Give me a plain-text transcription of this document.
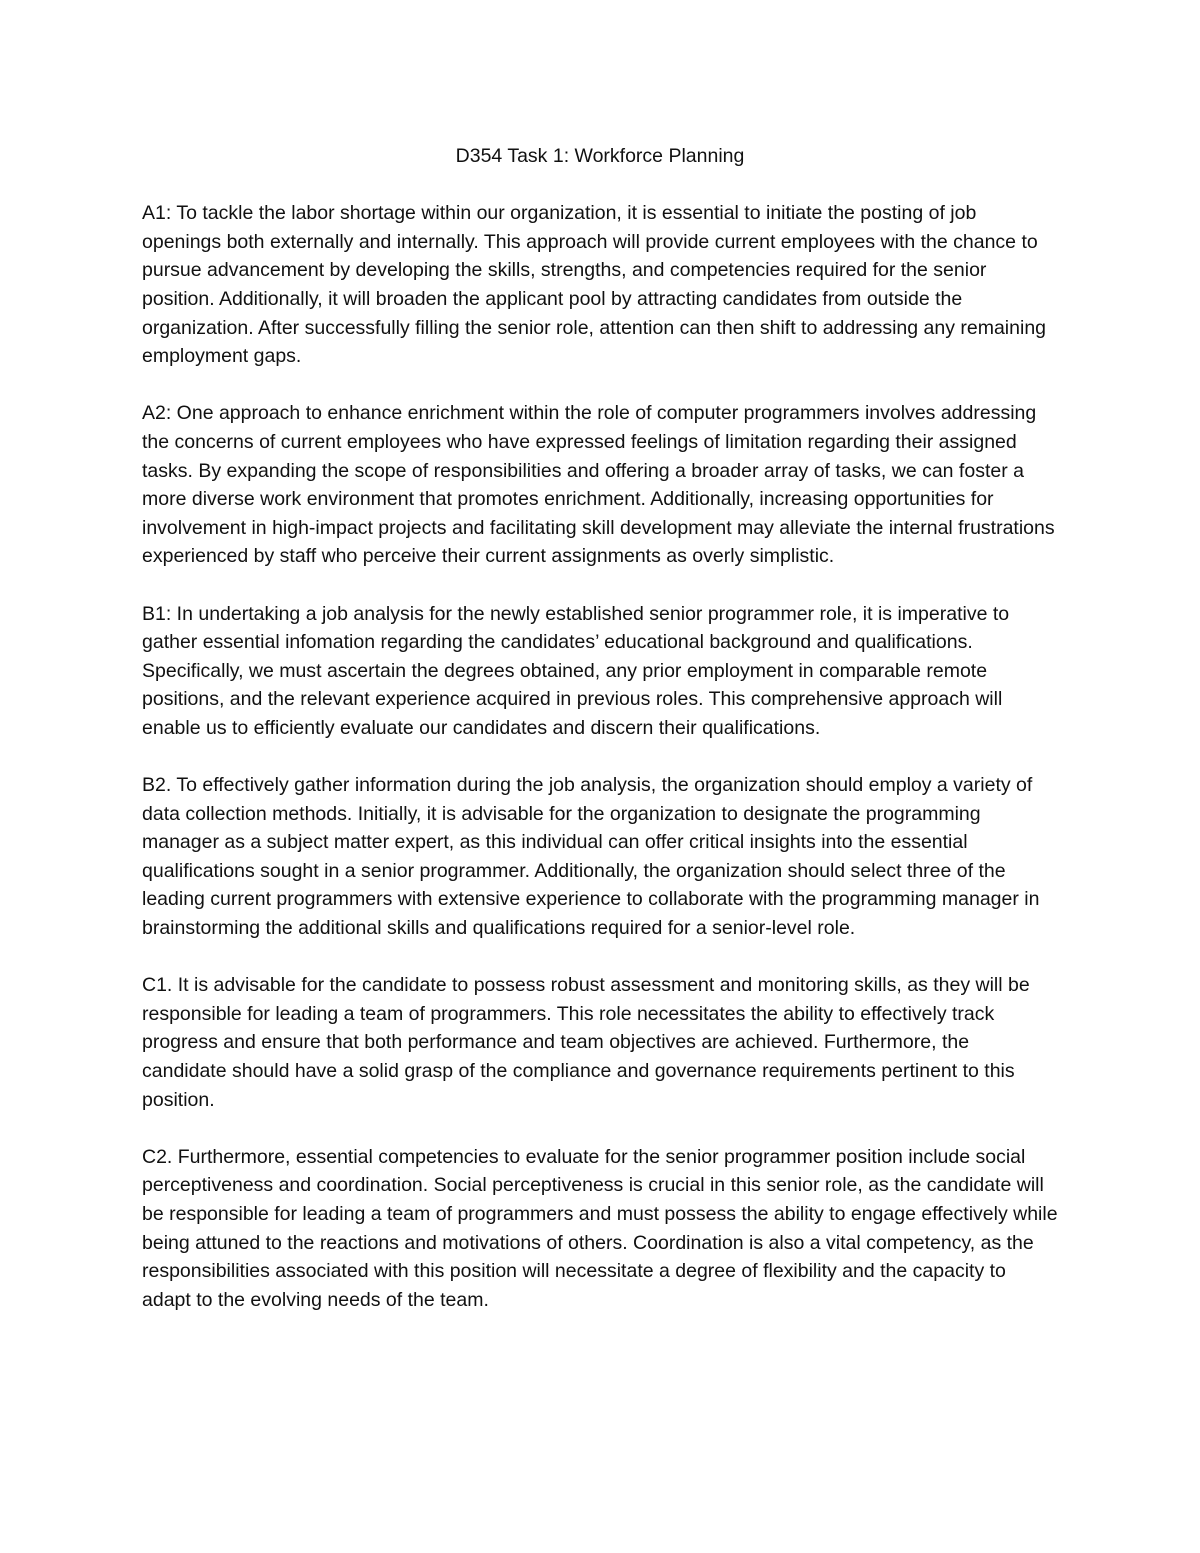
D354 Task 1: Workforce Planning

A1: To tackle the labor shortage within our organization, it is essential to initiate the posting of job openings both externally and internally. This approach will provide current employees with the chance to pursue advancement by developing the skills, strengths, and competencies required for the senior position. Additionally, it will broaden the applicant pool by attracting candidates from outside the organization. After successfully filling the senior role, attention can then shift to addressing any remaining employment gaps.

A2: One approach to enhance enrichment within the role of computer programmers involves addressing the concerns of current employees who have expressed feelings of limitation regarding their assigned tasks. By expanding the scope of responsibilities and offering a broader array of tasks, we can foster a more diverse work environment that promotes enrichment. Additionally, increasing opportunities for involvement in high-impact projects and facilitating skill development may alleviate the internal frustrations experienced by staff who perceive their current assignments as overly simplistic.

B1: In undertaking a job analysis for the newly established senior programmer role, it is imperative to gather essential infomation regarding the candidates’ educational background and qualifications. Specifically, we must ascertain the degrees obtained, any prior employment in comparable remote positions, and the relevant experience acquired in previous roles. This comprehensive approach will enable us to efficiently evaluate our candidates and discern their qualifications.

B2. To effectively gather information during the job analysis, the organization should employ a variety of data collection methods. Initially, it is advisable for the organization to designate the programming manager as a subject matter expert, as this individual can offer critical insights into the essential qualifications sought in a senior programmer. Additionally, the organization should select three of the leading current programmers with extensive experience to collaborate with the programming manager in brainstorming the additional skills and qualifications required for a senior-level role.

C1. It is advisable for the candidate to possess robust assessment and monitoring skills, as they will be responsible for leading a team of programmers. This role necessitates the ability to effectively track progress and ensure that both performance and team objectives are achieved. Furthermore, the candidate should have a solid grasp of the compliance and governance requirements pertinent to this position.

C2. Furthermore, essential competencies to evaluate for the senior programmer position include social perceptiveness and coordination. Social perceptiveness is crucial in this senior role, as the candidate will be responsible for leading a team of programmers and must possess the ability to engage effectively while being attuned to the reactions and motivations of others. Coordination is also a vital competency, as the responsibilities associated with this position will necessitate a degree of flexibility and the capacity to adapt to the evolving needs of the team.
